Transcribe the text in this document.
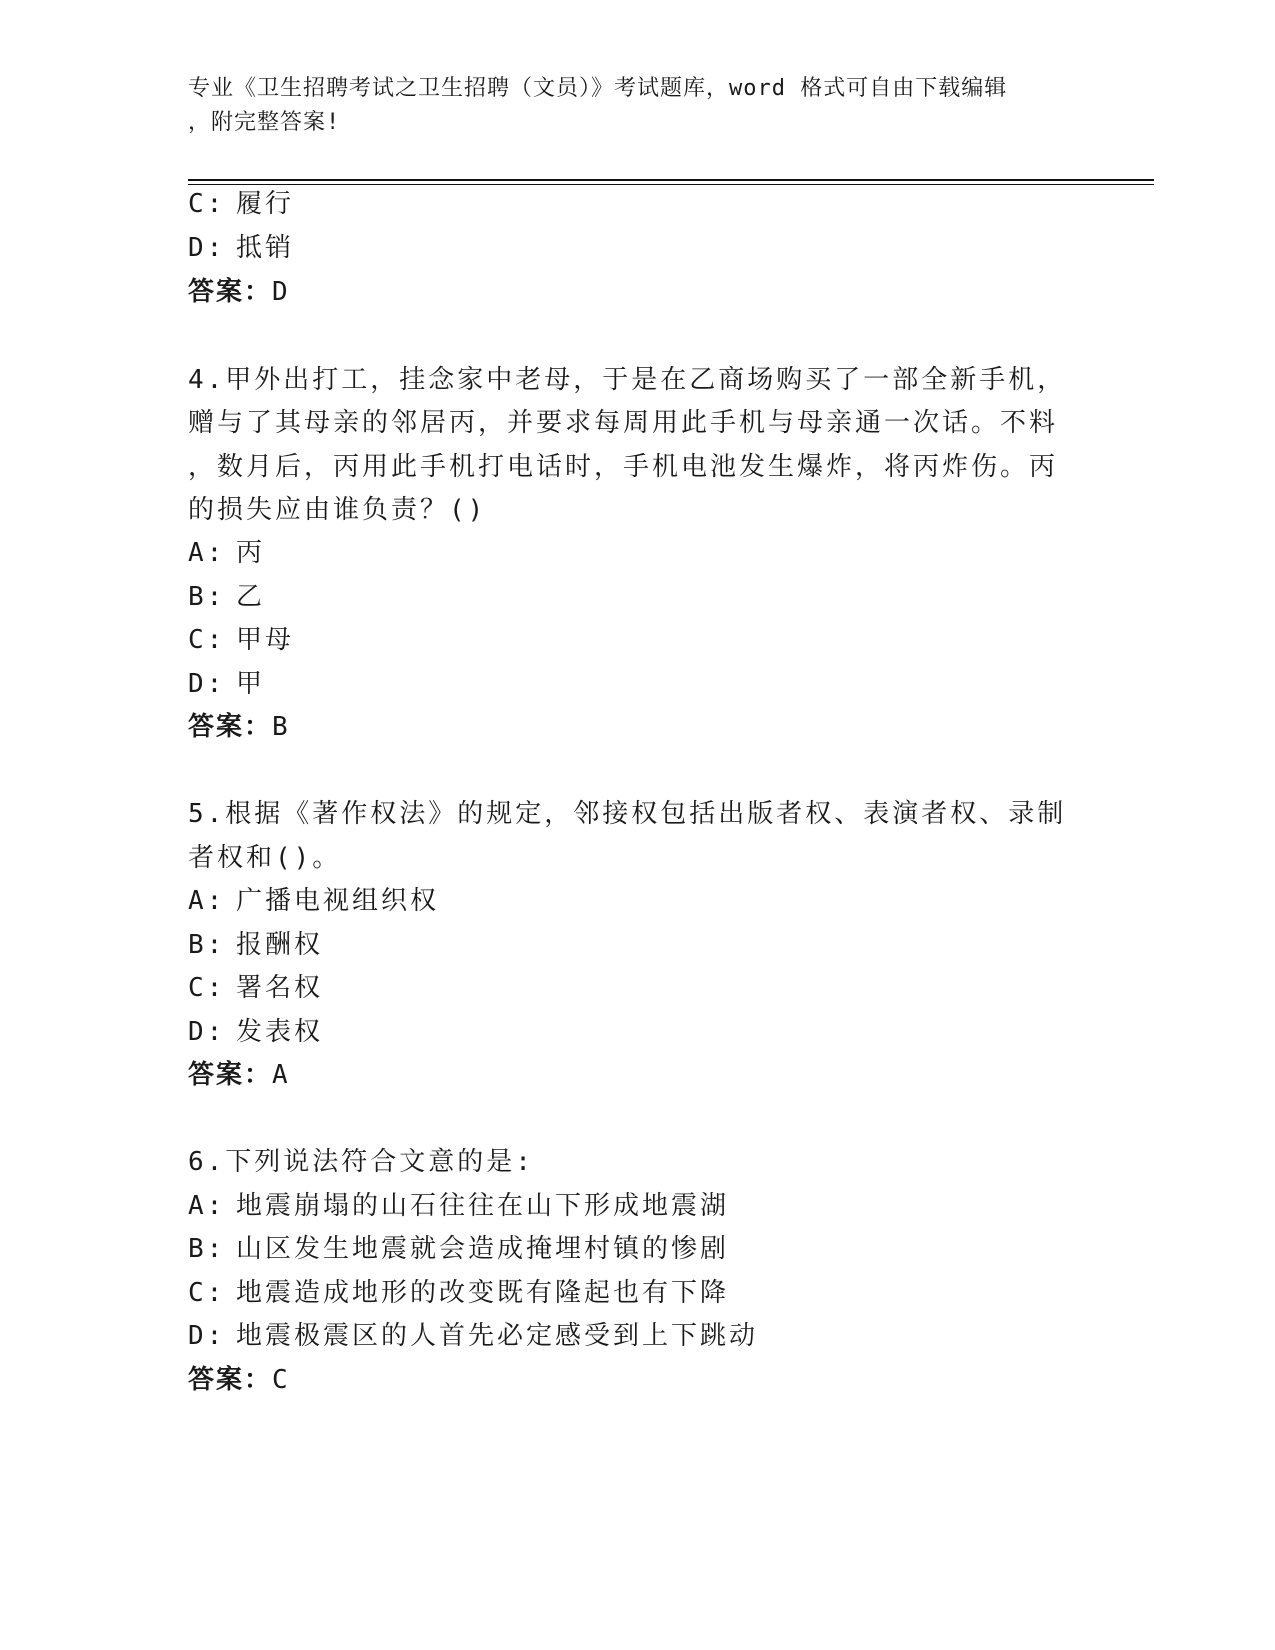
专业《卫生招聘考试之卫生招聘（文员）》考试题库，word 格式可自由下载编辑
，附完整答案!
C: 履行
D: 抵销
答案：D
4.甲外出打工，挂念家中老母，于是在乙商场购买了一部全新手机，
赠与了其母亲的邻居丙，并要求每周用此手机与母亲通一次话。不料
，数月后，丙用此手机打电话时，手机电池发生爆炸，将丙炸伤。丙
的损失应由谁负责？()
A: 丙
B: 乙
C: 甲母
D: 甲
答案：B
5.根据《著作权法》的规定，邻接权包括出版者权、表演者权、录制
者权和()。
A: 广播电视组织权
B: 报酬权
C: 署名权
D: 发表权
答案：A
6.下列说法符合文意的是:
A: 地震崩塌的山石往往在山下形成地震湖
B: 山区发生地震就会造成掩埋村镇的惨剧
C: 地震造成地形的改变既有隆起也有下降
D: 地震极震区的人首先必定感受到上下跳动
答案：C
